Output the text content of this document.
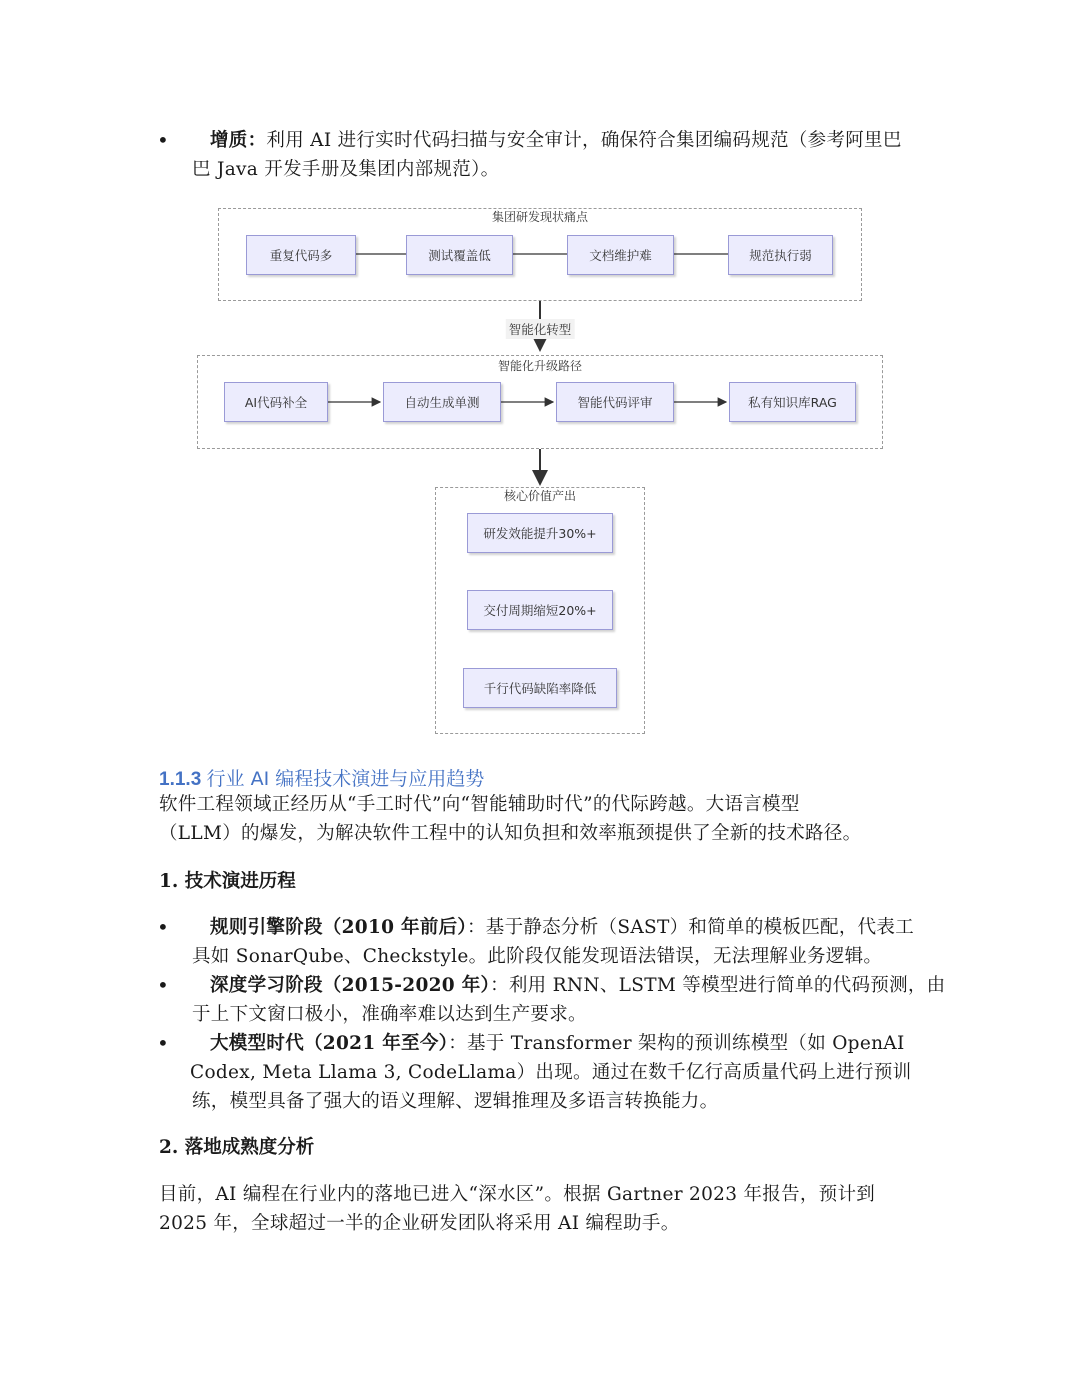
• 增质：利用 AI 进行实时代码扫描与安全审计，确保符合集团编码规范（参考阿里巴
巴 Java 开发手册及集团内部规范）。
集团研发现状痛点
重复代码多	测试覆盖低	文档维护难	规范执行弱
智能化转型
智能化升级路径
AI代码补全	自动生成单测	智能代码评审	私有知识库RAG
核心价值产出
研发效能提升30%+
交付周期缩短20%+
千行代码缺陷率降低
1.1.3 行业 AI 编程技术演进与应用趋势
软件工程领域正经历从“手工时代”向“智能辅助时代”的代际跨越。大语言模型
（LLM）的爆发，为解决软件工程中的认知负担和效率瓶颈提供了全新的技术路径。
1. 技术演进历程
• 规则引擎阶段（2010 年前后）：基于静态分析（SAST）和简单的模板匹配，代表工
具如 SonarQube、Checkstyle。此阶段仅能发现语法错误，无法理解业务逻辑。
• 深度学习阶段（2015-2020 年）：利用 RNN、LSTM 等模型进行简单的代码预测，由
于上下文窗口极小，准确率难以达到生产要求。
• 大模型时代（2021 年至今）：基于 Transformer 架构的预训练模型（如 OpenAI
Codex, Meta Llama 3, CodeLlama）出现。通过在数千亿行高质量代码上进行预训
练，模型具备了强大的语义理解、逻辑推理及多语言转换能力。
2. 落地成熟度分析
目前，AI 编程在行业内的落地已进入“深水区”。根据 Gartner 2023 年报告，预计到
2025 年，全球超过一半的企业研发团队将采用 AI 编程助手。
